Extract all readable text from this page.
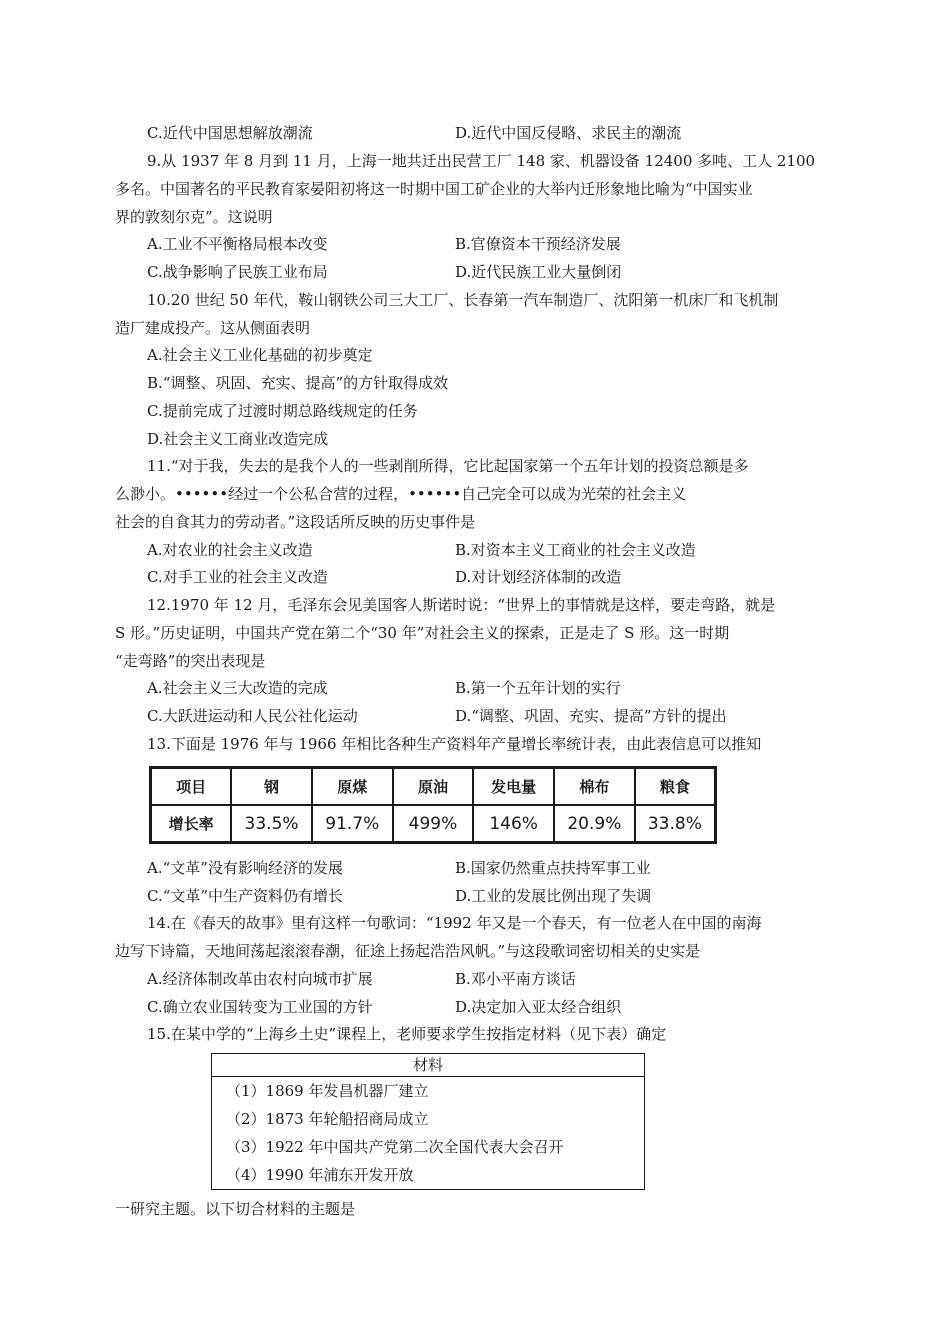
C.近代中国思想解放潮流	D.近代中国反侵略、求民主的潮流
9.从 1937 年 8 月到 11 月，上海一地共迁出民营工厂 148 家、机器设备 12400 多吨、工人 2100
多名。中国著名的平民教育家晏阳初将这一时期中国工矿企业的大举内迁形象地比喻为“中国实业
界的敦刻尔克”。这说明
A.工业不平衡格局根本改变	B.官僚资本干预经济发展
C.战争影响了民族工业布局	D.近代民族工业大量倒闭
10.20 世纪 50 年代，鞍山钢铁公司三大工厂、长春第一汽车制造厂、沈阳第一机床厂和飞机制
造厂建成投产。这从侧面表明
A.社会主义工业化基础的初步奠定
B.“调整、巩固、充实、提高”的方针取得成效
C.提前完成了过渡时期总路线规定的任务
D.社会主义工商业改造完成
11.“对于我，失去的是我个人的一些剥削所得，它比起国家第一个五年计划的投资总额是多
么渺小。••••••经过一个公私合营的过程，••••••自己完全可以成为光荣的社会主义
社会的自食其力的劳动者。”这段话所反映的历史事件是
A.对农业的社会主义改造	B.对资本主义工商业的社会主义改造
C.对手工业的社会主义改造	D.对计划经济体制的改造
12.1970 年 12 月，毛泽东会见美国客人斯诺时说：“世界上的事情就是这样，要走弯路，就是
S 形。”历史证明，中国共产党在第二个“30 年”对社会主义的探索，正是走了 S 形。这一时期
“走弯路”的突出表现是
A.社会主义三大改造的完成	B.第一个五年计划的实行
C.大跃进运动和人民公社化运动	D.“调整、巩固、充实、提高”方针的提出
13.下面是 1976 年与 1966 年相比各种生产资料年产量增长率统计表，由此表信息可以推知
项目	钢	原煤	原油	发电量	棉布	粮食
增长率	33.5%	91.7%	499%	146%	20.9%	33.8%
A.“文革”没有影响经济的发展	B.国家仍然重点扶持军事工业
C.“文革”中生产资料仍有增长	D.工业的发展比例出现了失调
14.在《春天的故事》里有这样一句歌词：“1992 年又是一个春天，有一位老人在中国的南海
边写下诗篇，天地间荡起滚滚春潮，征途上扬起浩浩风帆。”与这段歌词密切相关的史实是
A.经济体制改革由农村向城市扩展	B.邓小平南方谈话
C.确立农业国转变为工业国的方针	D.决定加入亚太经合组织
15.在某中学的“上海乡土史”课程上，老师要求学生按指定材料（见下表）确定
材料
（1）1869 年发昌机器厂建立
（2）1873 年轮船招商局成立
（3）1922 年中国共产党第二次全国代表大会召开
（4）1990 年浦东开发开放
一研究主题。以下切合材料的主题是
